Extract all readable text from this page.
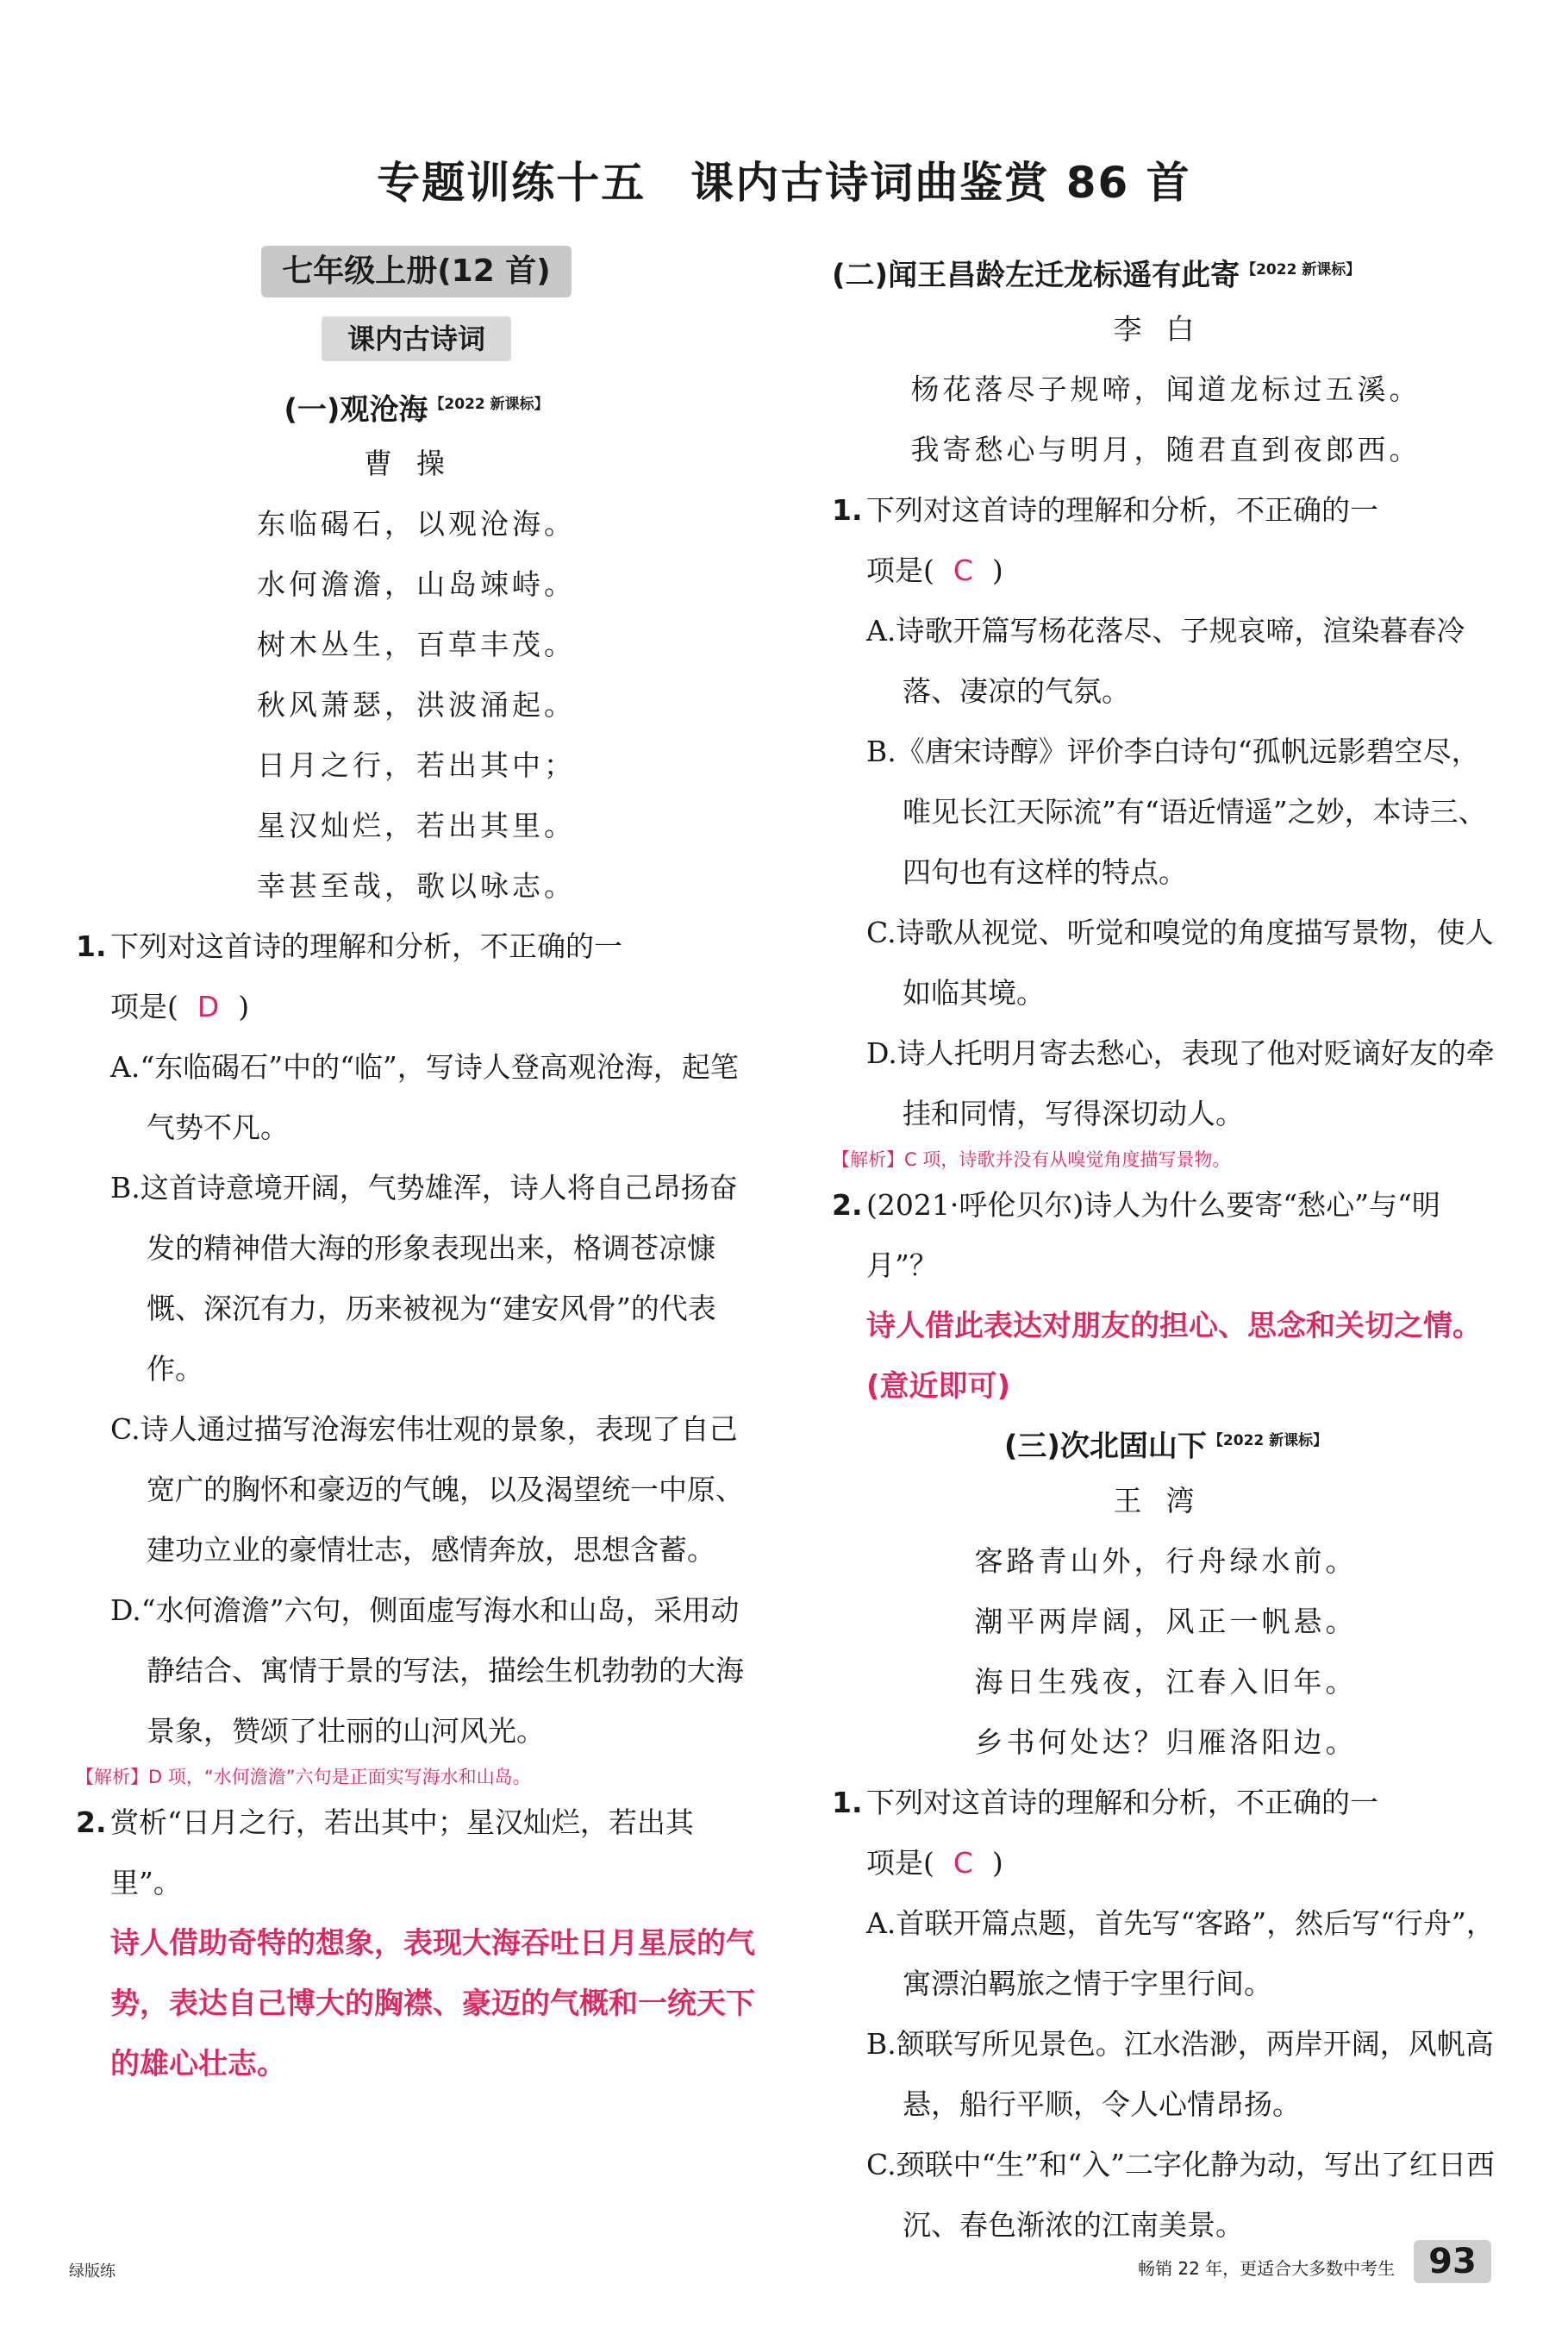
专题训练十五　课内古诗词曲鉴赏 86 首
七年级上册(12 首)
课内古诗词
(一)观沧海 【2022 新课标】
曹操
东临碣石，以观沧海。
水何澹澹，山岛竦峙。
树木丛生，百草丰茂。
秋风萧瑟，洪波涌起。
日月之行，若出其中；
星汉灿烂，若出其里。
幸甚至哉，歌以咏志。
1. 下列对这首诗的理解和分析，不正确的一
项是( D )
A.“东临碣石”中的“临”，写诗人登高观沧海，起笔气势不凡。
B.这首诗意境开阔，气势雄浑，诗人将自己昂扬奋发的精神借大海的形象表现出来，格调苍凉慷慨、深沉有力，历来被视为“建安风骨”的代表作。
C.诗人通过描写沧海宏伟壮观的景象，表现了自己宽广的胸怀和豪迈的气魄，以及渴望统一中原、建功立业的豪情壮志，感情奔放，思想含蓄。
D.“水何澹澹”六句，侧面虚写海水和山岛，采用动静结合、寓情于景的写法，描绘生机勃勃的大海景象，赞颂了壮丽的山河风光。
【解析】D 项，“水何澹澹”六句是正面实写海水和山岛。
2. 赏析“日月之行，若出其中；星汉灿烂，若出其里”。
诗人借助奇特的想象，表现大海吞吐日月星辰的气势，表达自己博大的胸襟、豪迈的气概和一统天下的雄心壮志。
(二)闻王昌龄左迁龙标遥有此寄 【2022 新课标】
李白
杨花落尽子规啼，闻道龙标过五溪。
我寄愁心与明月，随君直到夜郎西。
1. 下列对这首诗的理解和分析，不正确的一
项是( C )
A.诗歌开篇写杨花落尽、子规哀啼，渲染暮春冷落、凄凉的气氛。
B.《唐宋诗醇》评价李白诗句“孤帆远影碧空尽，唯见长江天际流”有“语近情遥”之妙，本诗三、四句也有这样的特点。
C.诗歌从视觉、听觉和嗅觉的角度描写景物，使人如临其境。
D.诗人托明月寄去愁心，表现了他对贬谪好友的牵挂和同情，写得深切动人。
【解析】C 项，诗歌并没有从嗅觉角度描写景物。
2. (2021·呼伦贝尔)诗人为什么要寄“愁心”与“明月”？
诗人借此表达对朋友的担心、思念和关切之情。(意近即可)
(三)次北固山下 【2022 新课标】
王湾
客路青山外，行舟绿水前。
潮平两岸阔，风正一帆悬。
海日生残夜，江春入旧年。
乡书何处达？归雁洛阳边。
1. 下列对这首诗的理解和分析，不正确的一
项是( C )
A.首联开篇点题，首先写“客路”，然后写“行舟”，寓漂泊羁旅之情于字里行间。
B.颔联写所见景色。江水浩渺，两岸开阔，风帆高悬，船行平顺，令人心情昂扬。
C.颈联中“生”和“入”二字化静为动，写出了红日西沉、春色渐浓的江南美景。
绿版练	畅销 22 年，更适合大多数中考生 93
